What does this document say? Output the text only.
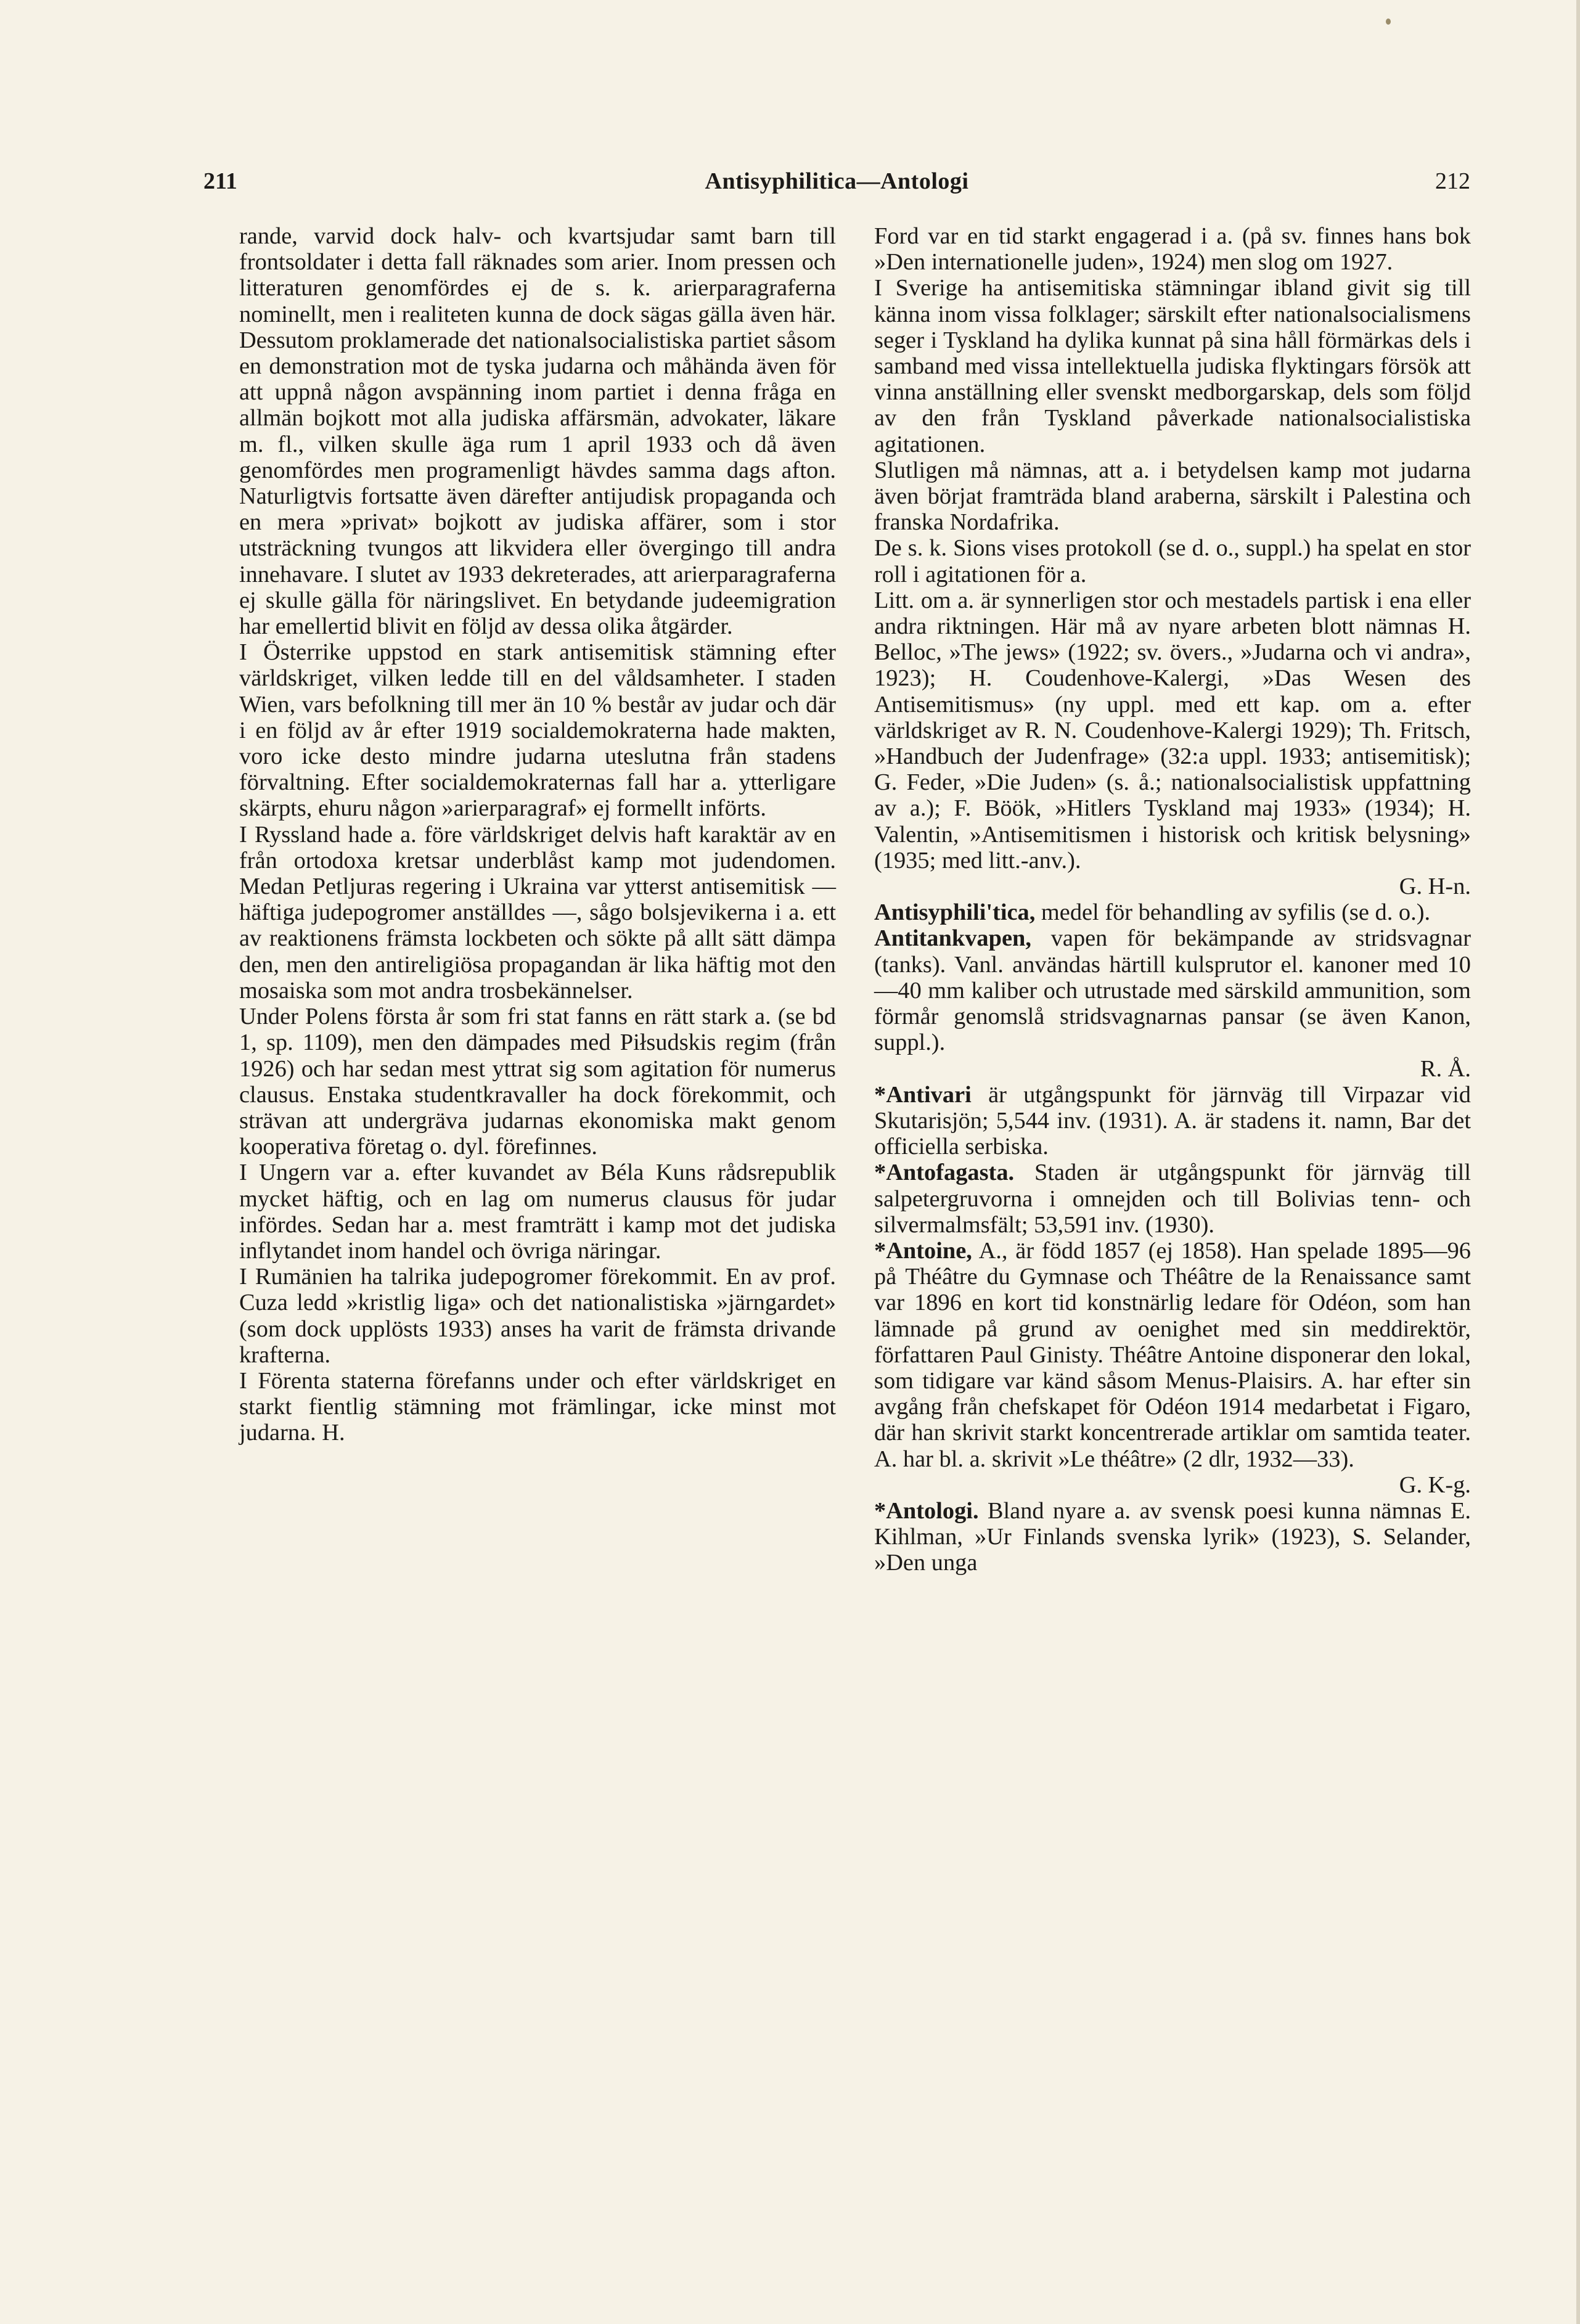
211	Antisyphilitica—Antologi	212

rande, varvid dock halv- och kvartsjudar samt barn till frontsoldater i detta fall räknades som arier. Inom pressen och litteraturen genomfördes ej de s. k. arierparagraferna nominellt, men i realiteten kunna de dock sägas gälla även här. Dessutom proklamerade det nationalsocialistiska partiet såsom en demonstration mot de tyska judarna och måhända även för att uppnå någon avspänning inom partiet i denna fråga en allmän bojkott mot alla judiska affärsmän, advokater, läkare m. fl., vilken skulle äga rum 1 april 1933 och då även genomfördes men programenligt hävdes samma dags afton. Naturligtvis fortsatte även därefter antijudisk propaganda och en mera »privat» bojkott av judiska affärer, som i stor utsträckning tvungos att likvidera eller övergingo till andra innehavare. I slutet av 1933 dekreterades, att arierparagraferna ej skulle gälla för näringslivet. En betydande judeemigration har emellertid blivit en följd av dessa olika åtgärder.

I Österrike uppstod en stark antisemitisk stämning efter världskriget, vilken ledde till en del våldsamheter. I staden Wien, vars befolkning till mer än 10 % består av judar och där i en följd av år efter 1919 socialdemokraterna hade makten, voro icke desto mindre judarna uteslutna från stadens förvaltning. Efter socialdemokraternas fall har a. ytterligare skärpts, ehuru någon »arierparagraf» ej formellt införts.

I Ryssland hade a. före världskriget delvis haft karaktär av en från ortodoxa kretsar underblåst kamp mot judendomen. Medan Petljuras regering i Ukraina var ytterst antisemitisk — häftiga judepogromer anställdes —, sågo bolsjevikerna i a. ett av reaktionens främsta lockbeten och sökte på allt sätt dämpa den, men den antireligiösa propagandan är lika häftig mot den mosaiska som mot andra trosbekännelser.

Under Polens första år som fri stat fanns en rätt stark a. (se bd 1, sp. 1109), men den dämpades med Piłsudskis regim (från 1926) och har sedan mest yttrat sig som agitation för numerus clausus. Enstaka studentkravaller ha dock förekommit, och strävan att undergräva judarnas ekonomiska makt genom kooperativa företag o. dyl. förefinnes.

I Ungern var a. efter kuvandet av Béla Kuns rådsrepublik mycket häftig, och en lag om numerus clausus för judar infördes. Sedan har a. mest framträtt i kamp mot det judiska inflytandet inom handel och övriga näringar.

I Rumänien ha talrika judepogromer förekommit. En av prof. Cuza ledd »kristlig liga» och det nationalistiska »järngardet» (som dock upplösts 1933) anses ha varit de främsta drivande krafterna.

I Förenta staterna förefanns under och efter världskriget en starkt fientlig stämning mot främlingar, icke minst mot judarna. H.

Ford var en tid starkt engagerad i a. (på sv. finnes hans bok »Den internationelle juden», 1924) men slog om 1927.

I Sverige ha antisemitiska stämningar ibland givit sig till känna inom vissa folklager; särskilt efter nationalsocialismens seger i Tyskland ha dylika kunnat på sina håll förmärkas dels i samband med vissa intellektuella judiska flyktingars försök att vinna anställning eller svenskt medborgarskap, dels som följd av den från Tyskland påverkade nationalsocialistiska agitationen.

Slutligen må nämnas, att a. i betydelsen kamp mot judarna även börjat framträda bland araberna, särskilt i Palestina och franska Nordafrika.

De s. k. Sions vises protokoll (se d. o., suppl.) ha spelat en stor roll i agitationen för a.

Litt. om a. är synnerligen stor och mestadels partisk i ena eller andra riktningen. Här må av nyare arbeten blott nämnas H. Belloc, »The jews» (1922; sv. övers., »Judarna och vi andra», 1923); H. Coudenhove-Kalergi, »Das Wesen des Antisemitismus» (ny uppl. med ett kap. om a. efter världskriget av R. N. Coudenhove-Kalergi 1929); Th. Fritsch, »Handbuch der Judenfrage» (32:a uppl. 1933; antisemitisk); G. Feder, »Die Juden» (s. å.; nationalsocialistisk uppfattning av a.); F. Böök, »Hitlers Tyskland maj 1933» (1934); H. Valentin, »Antisemitismen i historisk och kritisk belysning» (1935; med litt.-anv.).
G. H-n.

Antisyphili'tica, medel för behandling av syfilis (se d. o.).

Antitankvapen, vapen för bekämpande av stridsvagnar (tanks). Vanl. användas härtill kulsprutor el. kanoner med 10—40 mm kaliber och utrustade med särskild ammunition, som förmår genomslå stridsvagnarnas pansar (se även Kanon, suppl.).
R. Å.

*Antivari är utgångspunkt för järnväg till Virpazar vid Skutarisjön; 5,544 inv. (1931). A. är stadens it. namn, Bar det officiella serbiska.

*Antofagasta. Staden är utgångspunkt för järnväg till salpetergruvorna i omnejden och till Bolivias tenn- och silvermalmsfält; 53,591 inv. (1930).

*Antoine, A., är född 1857 (ej 1858). Han spelade 1895—96 på Théâtre du Gymnase och Théâtre de la Renaissance samt var 1896 en kort tid konstnärlig ledare för Odéon, som han lämnade på grund av oenighet med sin meddirektör, författaren Paul Ginisty. Théâtre Antoine disponerar den lokal, som tidigare var känd såsom Menus-Plaisirs. A. har efter sin avgång från chefskapet för Odéon 1914 medarbetat i Figaro, där han skrivit starkt koncentrerade artiklar om samtida teater. A. har bl. a. skrivit »Le théâtre» (2 dlr, 1932—33).
G. K-g.

*Antologi. Bland nyare a. av svensk poesi kunna nämnas E. Kihlman, »Ur Finlands svenska lyrik» (1923), S. Selander, »Den unga
